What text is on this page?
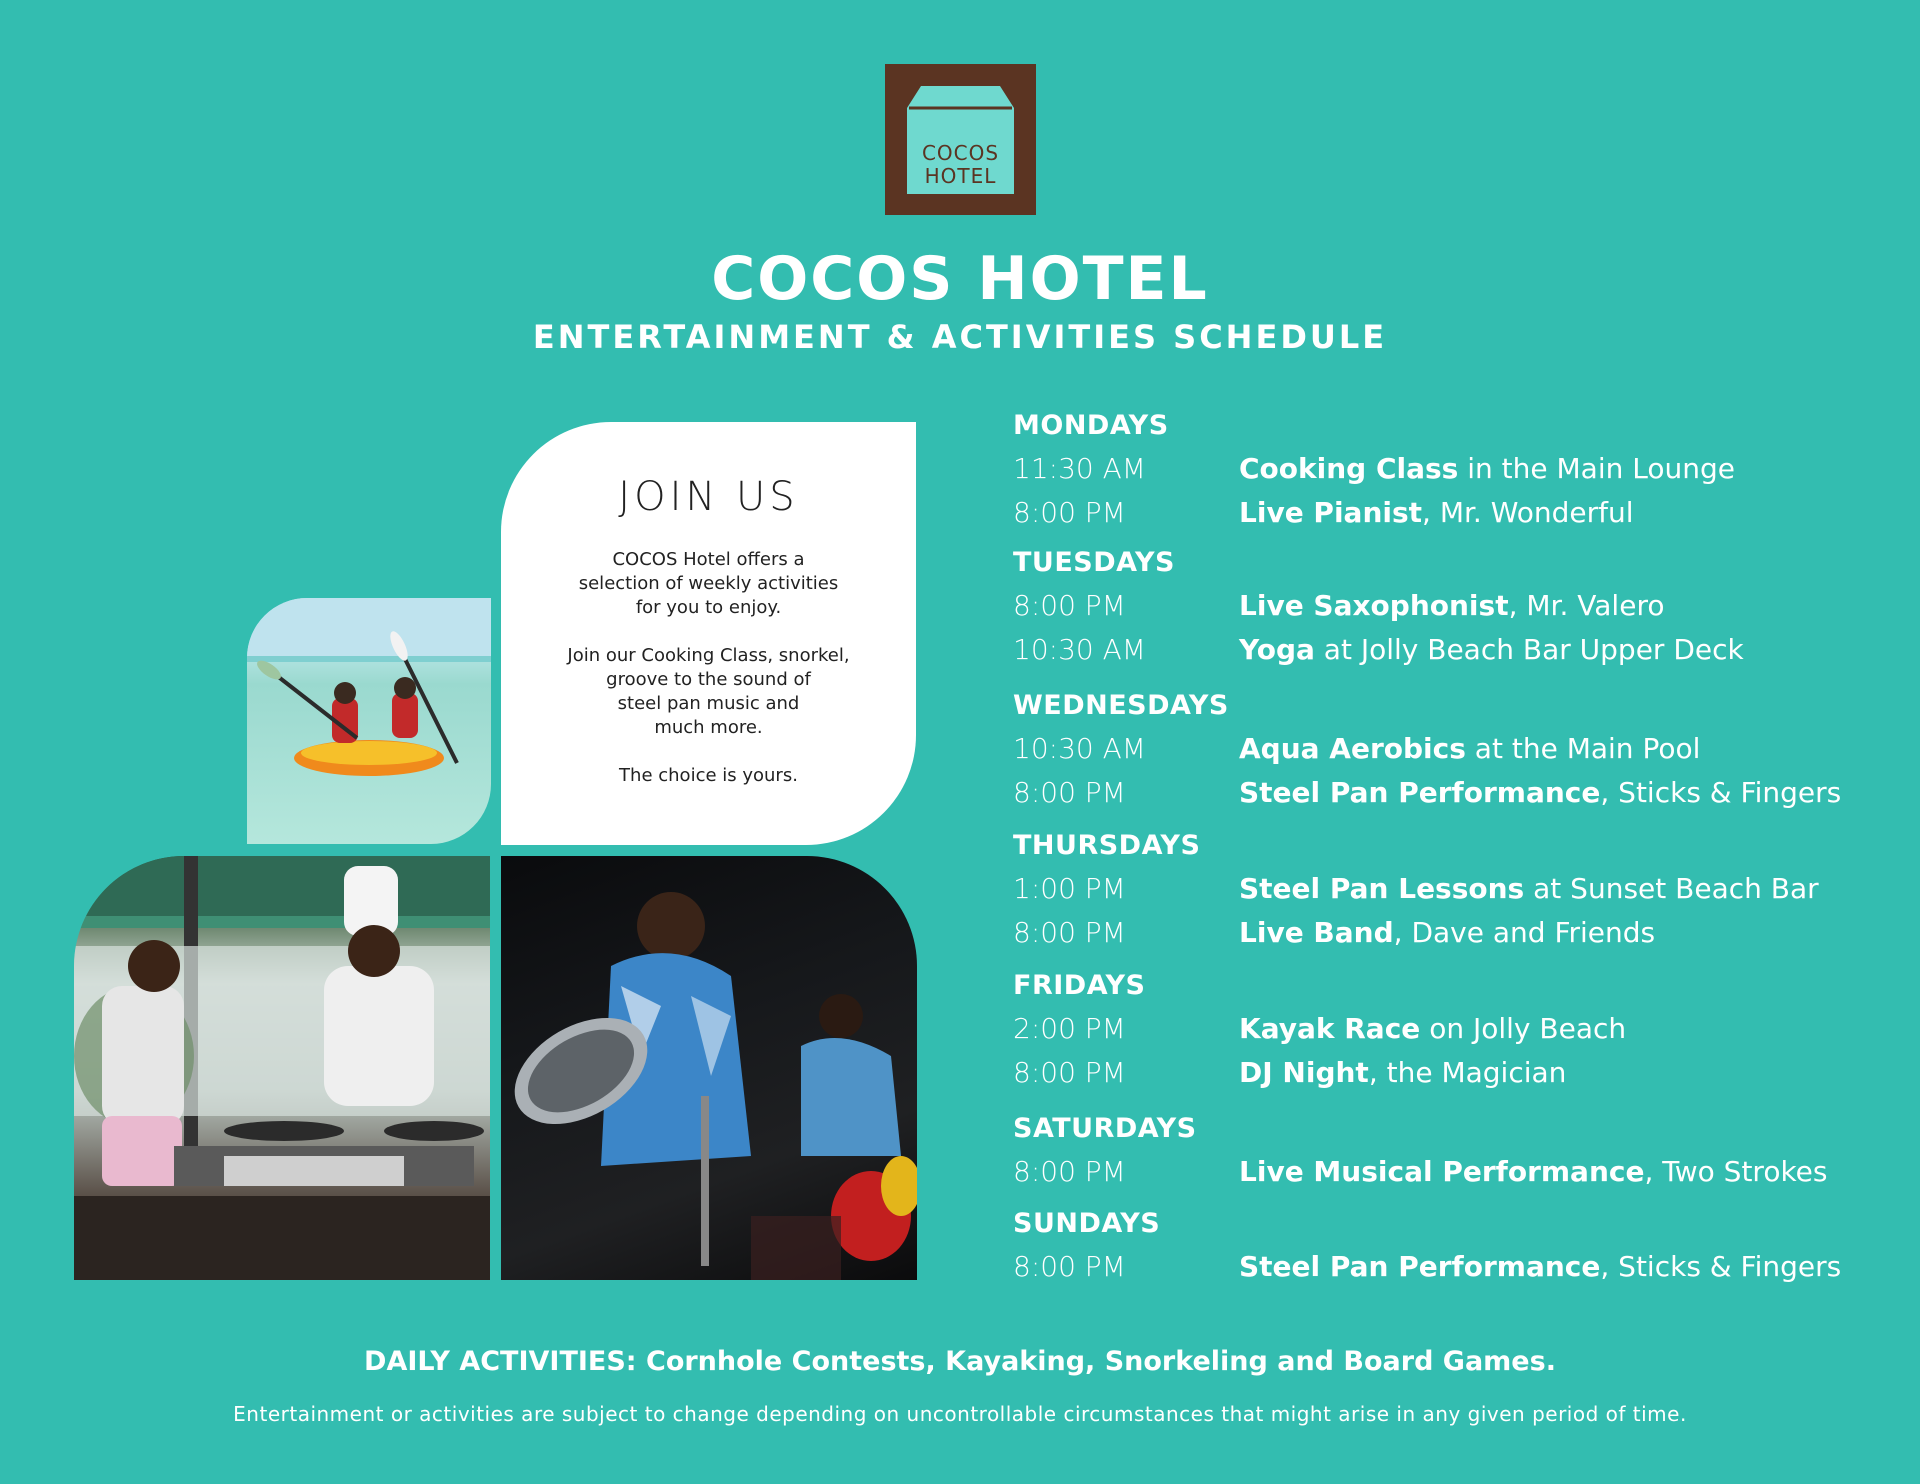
COCOS
HOTEL
COCOS HOTEL
ENTERTAINMENT & ACTIVITIES SCHEDULE
JOIN US

COCOS Hotel offers a
selection of weekly activities
for you to enjoy.

Join our Cooking Class, snorkel,
groove to the sound of
steel pan music and
much more.

The choice is yours.

MONDAYS
11:30 AM	Cooking Class in the Main Lounge
8:00 PM	Live Pianist, Mr. Wonderful
TUESDAYS
8:00 PM	Live Saxophonist, Mr. Valero
10:30 AM	Yoga at Jolly Beach Bar Upper Deck
WEDNESDAYS
10:30 AM	Aqua Aerobics at the Main Pool
8:00 PM	Steel Pan Performance, Sticks & Fingers
THURSDAYS
1:00 PM	Steel Pan Lessons at Sunset Beach Bar
8:00 PM	Live Band, Dave and Friends
FRIDAYS
2:00 PM	Kayak Race on Jolly Beach
8:00 PM	DJ Night, the Magician
SATURDAYS
8:00 PM	Live Musical Performance, Two Strokes
SUNDAYS
8:00 PM	Steel Pan Performance, Sticks & Fingers
DAILY ACTIVITIES: Cornhole Contests, Kayaking, Snorkeling and Board Games.
Entertainment or activities are subject to change depending on uncontrollable circumstances that might arise in any given period of time.
